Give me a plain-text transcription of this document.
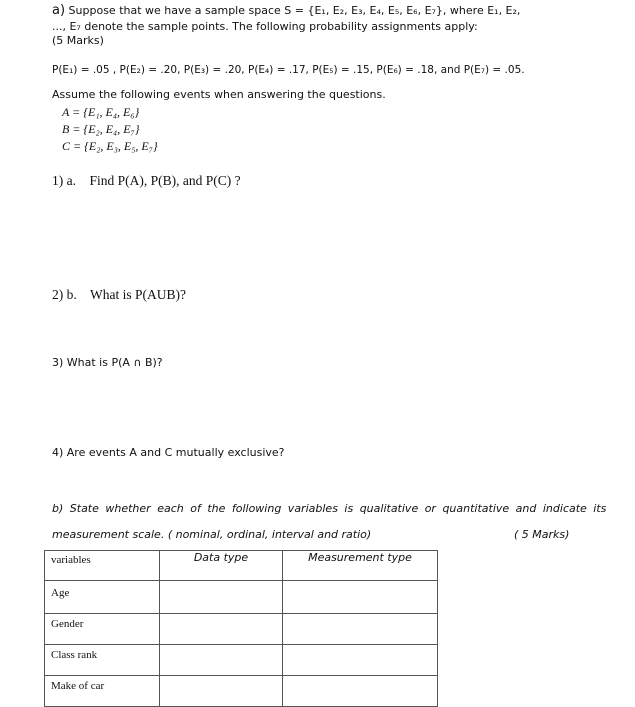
a) Suppose that we have a sample space S = {E₁, E₂, E₃, E₄, E₅, E₆, E₇}, where E₁, E₂,
..., E₇ denote the sample points. The following probability assignments apply:
(5 Marks)
P(E₁) = .05 , P(E₂) = .20, P(E₃) = .20, P(E₄) = .17, P(E₅) = .15, P(E₆) = .18, and P(E₇) = .05.
Assume the following events when answering the questions.
A = {E₁, E₄, E₆}
B = {E₂, E₄, E₇}
C = {E₂, E₃, E₅, E₇}
1) a.    Find P(A), P(B), and P(C) ?
2) b.    What is P(AUB)?
3) What is P(A ∩ B)?
4) Are events A and C mutually exclusive?
b) State whether each of the following variables is qualitative or quantitative and indicate its
measurement scale. ( nominal, ordinal, interval and ratio)	( 5 Marks)
variables	Data type	Measurement type
Age		
Gender		
Class rank		
Make of car		
